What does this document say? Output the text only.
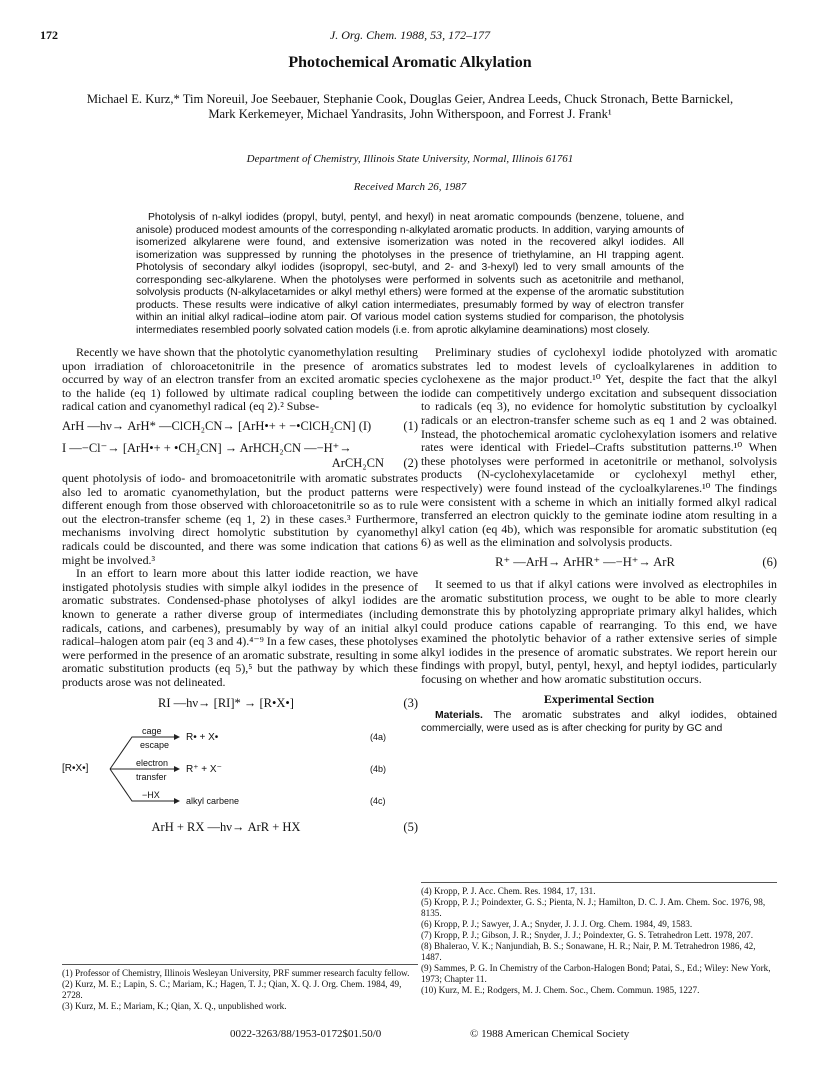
172	J. Org. Chem. 1988, 53, 172–177
Photochemical Aromatic Alkylation
Michael E. Kurz,* Tim Noreuil, Joe Seebauer, Stephanie Cook, Douglas Geier, Andrea Leeds, Chuck Stronach, Bette Barnickel, Mark Kerkemeyer, Michael Yandrasits, John Witherspoon, and Forrest J. Frank¹
Department of Chemistry, Illinois State University, Normal, Illinois 61761
Received March 26, 1987

Photolysis of n-alkyl iodides (propyl, butyl, pentyl, and hexyl) in neat aromatic compounds (benzene, toluene, and anisole) produced modest amounts of the corresponding n-alkylated aromatic products. In addition, varying amounts of isomerized alkylarene were found, and extensive isomerization was noted in the recovered alkyl iodides. All isomerization was suppressed by running the photolyses in the presence of triethylamine, an HI trapping agent. Photolysis of secondary alkyl iodides (isopropyl, sec-butyl, and 2- and 3-hexyl) led to very small amounts of the corresponding sec-alkylarene. When the photolyses were performed in solvents such as acetonitrile and methanol, solvolysis products (N-alkylacetamides or alkyl methyl ethers) were formed at the expense of the aromatic substitution products. These results were indicative of alkyl cation intermediates, presumably formed by way of electron transfer within an initial alkyl radical–iodine atom pair. Of various model cation systems studied for comparison, the photolysis intermediates resembled poorly solvated cation models (i.e. from aprotic alkylamine deaminations) most closely.

Recently we have shown that the photolytic cyanomethylation resulting upon irradiation of chloroacetonitrile in the presence of aromatics occurred by way of an electron transfer from an excited aromatic species to the halide (eq 1) followed by ultimate radical coupling between the radical cation and cyanomethyl radical (eq 2).² Subse-

ArH —hν→ ArH* —ClCH₂CN→ [ArH•+ + −•ClCH₂CN] (I)	(1)
I —−Cl⁻→ [ArH•+ + •CH₂CN] → ArHCH₂CN —−H⁺→
(2)
ArCH₂CN

quent photolysis of iodo- and bromoacetonitrile with aromatic substrates also led to aromatic cyanomethylation, but the product patterns were different enough from those observed with chloroacetonitrile so as to rule out the electron-transfer scheme (eq 1, 2) in these cases.³ Furthermore, mechanisms involving direct homolytic substitution by cyanomethyl radicals could be discounted, and there was some indication that cations might be involved.³

In an effort to learn more about this latter iodide reaction, we have instigated photolysis studies with simple alkyl iodides in the presence of aromatic substrates. Condensed-phase photolyses of alkyl iodides are known to generate a rather diverse group of intermediates (including radicals, cations, and carbenes), presumably by way of an initial alkyl radical–halogen atom pair (eq 3 and 4).⁴⁻⁹ In a few cases, these photolyses were performed in the presence of an aromatic substrate, resulting in some aromatic substitution products (eq 5),⁵ but the pathway by which these products arose was not delineated.

RI —hν→ [RI]* → [R•X•]	(3)
[R•X•]
cage
escape
R• + X•	(4a)
electron
transfer
R⁺ + X⁻	(4b)
−HX
alkyl carbene	(4c)
ArH + RX —hν→ ArR + HX	(5)

Preliminary studies of cyclohexyl iodide photolyzed with aromatic substrates led to modest levels of cycloalkylarenes in addition to cyclohexene as the major product.¹⁰ Yet, despite the fact that the alkyl iodide can competitively undergo excitation and subsequent dissociation to radicals (eq 3), no evidence for homolytic substitution by cycloalkyl radicals or an electron-transfer scheme such as eq 1 and 2 was obtained. Instead, the photochemical aromatic cyclohexylation isomers and relative rates were identical with Friedel–Crafts substitution patterns.¹⁰ When these photolyses were performed in acetonitrile or methanol, solvolysis products (N-cyclohexylacetamide or cyclohexyl methyl ether, respectively) were found instead of the cycloalkylarenes.¹⁰ The findings were consistent with a scheme in which an initially formed alkyl radical transferred an electron quickly to the geminate iodine atom resulting in a alkyl cation (eq 4b), which was responsible for aromatic substitution (eq 6) as well as the elimination and solvolysis products.

R⁺ —ArH→ ArHR⁺ —−H⁺→ ArR	(6)

It seemed to us that if alkyl cations were involved as electrophiles in the aromatic substitution process, we ought to be able to more clearly demonstrate this by photolyzing appropriate primary alkyl halides, which could produce cations capable of rearranging. To this end, we have examined the photolytic behavior of a rather extensive series of simple alkyl iodides in the presence of aromatic substrates. We report herein our findings with propyl, butyl, pentyl, hexyl, and heptyl iodides, particularly focusing on whether and how aromatic substitution occurs.

Experimental Section

Materials. The aromatic substrates and alkyl iodides, obtained commercially, were used as is after checking for purity by GC and

(1) Professor of Chemistry, Illinois Wesleyan University, PRF summer research faculty fellow.
(2) Kurz, M. E.; Lapin, S. C.; Mariam, K.; Hagen, T. J.; Qian, X. Q. J. Org. Chem. 1984, 49, 2728.
(3) Kurz, M. E.; Mariam, K.; Qian, X. Q., unpublished work.
(4) Kropp, P. J. Acc. Chem. Res. 1984, 17, 131.
(5) Kropp, P. J.; Poindexter, G. S.; Pienta, N. J.; Hamilton, D. C. J. Am. Chem. Soc. 1976, 98, 8135.
(6) Kropp, P. J.; Sawyer, J. A.; Snyder, J. J. J. Org. Chem. 1984, 49, 1583.
(7) Kropp, P. J.; Gibson, J. R.; Snyder, J. J.; Poindexter, G. S. Tetrahedron Lett. 1978, 207.
(8) Bhalerao, V. K.; Nanjundiah, B. S.; Sonawane, H. R.; Nair, P. M. Tetrahedron 1986, 42, 1487.
(9) Sammes, P. G. In Chemistry of the Carbon-Halogen Bond; Patai, S., Ed.; Wiley: New York, 1973; Chapter 11.
(10) Kurz, M. E.; Rodgers, M. J. Chem. Soc., Chem. Commun. 1985, 1227.
0022-3263/88/1953-0172$01.50/0	© 1988 American Chemical Society
